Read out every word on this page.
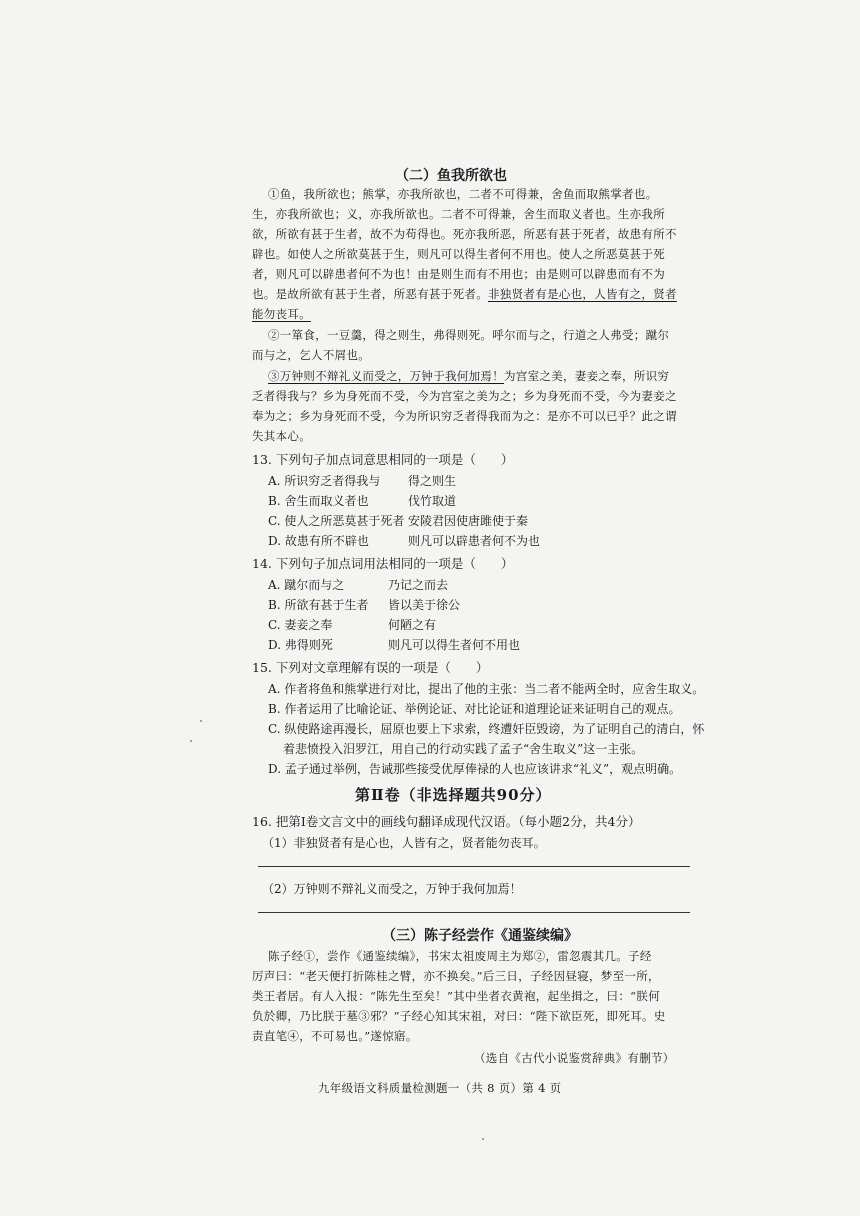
（二）鱼我所欲也
①鱼，我所欲也；熊掌，亦我所欲也，二者不可得兼，舍鱼而取熊掌者也。
生，亦我所欲也；义，亦我所欲也。二者不可得兼，舍生而取义者也。生亦我所
欲，所欲有甚于生者，故不为苟得也。死亦我所恶，所恶有甚于死者，故患有所不
辟也。如使人之所欲莫甚于生，则凡可以得生者何不用也。使人之所恶莫甚于死
者，则凡可以辟患者何不为也！由是则生而有不用也；由是则可以辟患而有不为
也。是故所欲有甚于生者，所恶有甚于死者。非独贤者有是心也，人皆有之，贤者
能勿丧耳。
②一箪食，一豆羹，得之则生，弗得则死。呼尔而与之，行道之人弗受；蹴尔
而与之，乞人不屑也。
③万钟则不辩礼义而受之，万钟于我何加焉！为宫室之美，妻妾之奉，所识穷
乏者得我与？乡为身死而不受，今为宫室之美为之；乡为身死而不受，今为妻妾之
奉为之；乡为身死而不受，今为所识穷乏者得我而为之：是亦不可以已乎？此之谓
失其本心。
13. 下列句子加点词意思相同的一项是（　　）
A. 所识穷乏者得我与 得之则生
B. 舍生而取义者也	伐竹取道
C. 使人之所恶莫甚于死者 安陵君因使唐雎使于秦
D. 故患有所不辟也	则凡可以辟患者何不为也
14. 下列句子加点词用法相同的一项是（　　）
A. 蹴尔而与之	乃记之而去
B. 所欲有甚于生者 皆以美于徐公
C. 妻妾之奉	何陋之有
D. 弗得则死	则凡可以得生者何不用也
15. 下列对文章理解有误的一项是（　　）
A. 作者将鱼和熊掌进行对比，提出了他的主张：当二者不能两全时，应舍生取义。
B. 作者运用了比喻论证、举例论证、对比论证和道理论证来证明自己的观点。
C. 纵使路途再漫长，屈原也要上下求索，终遭奸臣毁谤，为了证明自己的清白，怀
着悲愤投入汨罗江，用自己的行动实践了孟子“舍生取义”这一主张。
D. 孟子通过举例，告诫那些接受优厚俸禄的人也应该讲求“礼义”，观点明确。
第Ⅱ卷（非选择题共90分）
16. 把第Ⅰ卷文言文中的画线句翻译成现代汉语。（每小题2分，共4分）
（1）非独贤者有是心也，人皆有之，贤者能勿丧耳。
（2）万钟则不辩礼义而受之，万钟于我何加焉！
（三）陈子经尝作《通鉴续编》
陈子经①，尝作《通鉴续编》，书宋太祖废周主为郑②，雷忽震其几。子经
厉声曰：“老天便打折陈桂之臂，亦不换矣。”后三日，子经因昼寝，梦至一所，
类王者居。有人入报：“陈先生至矣！”其中坐者衣黄袍，起坐揖之，曰：“朕何
负於卿，乃比朕于墓③邪？”子经心知其宋祖，对曰：“陛下欲臣死，即死耳。史
责直笔④，不可易也。”遂惊寤。
（选自《古代小说鉴赏辞典》有删节）
九年级语文科质量检测题一（共 8 页）第 4 页
